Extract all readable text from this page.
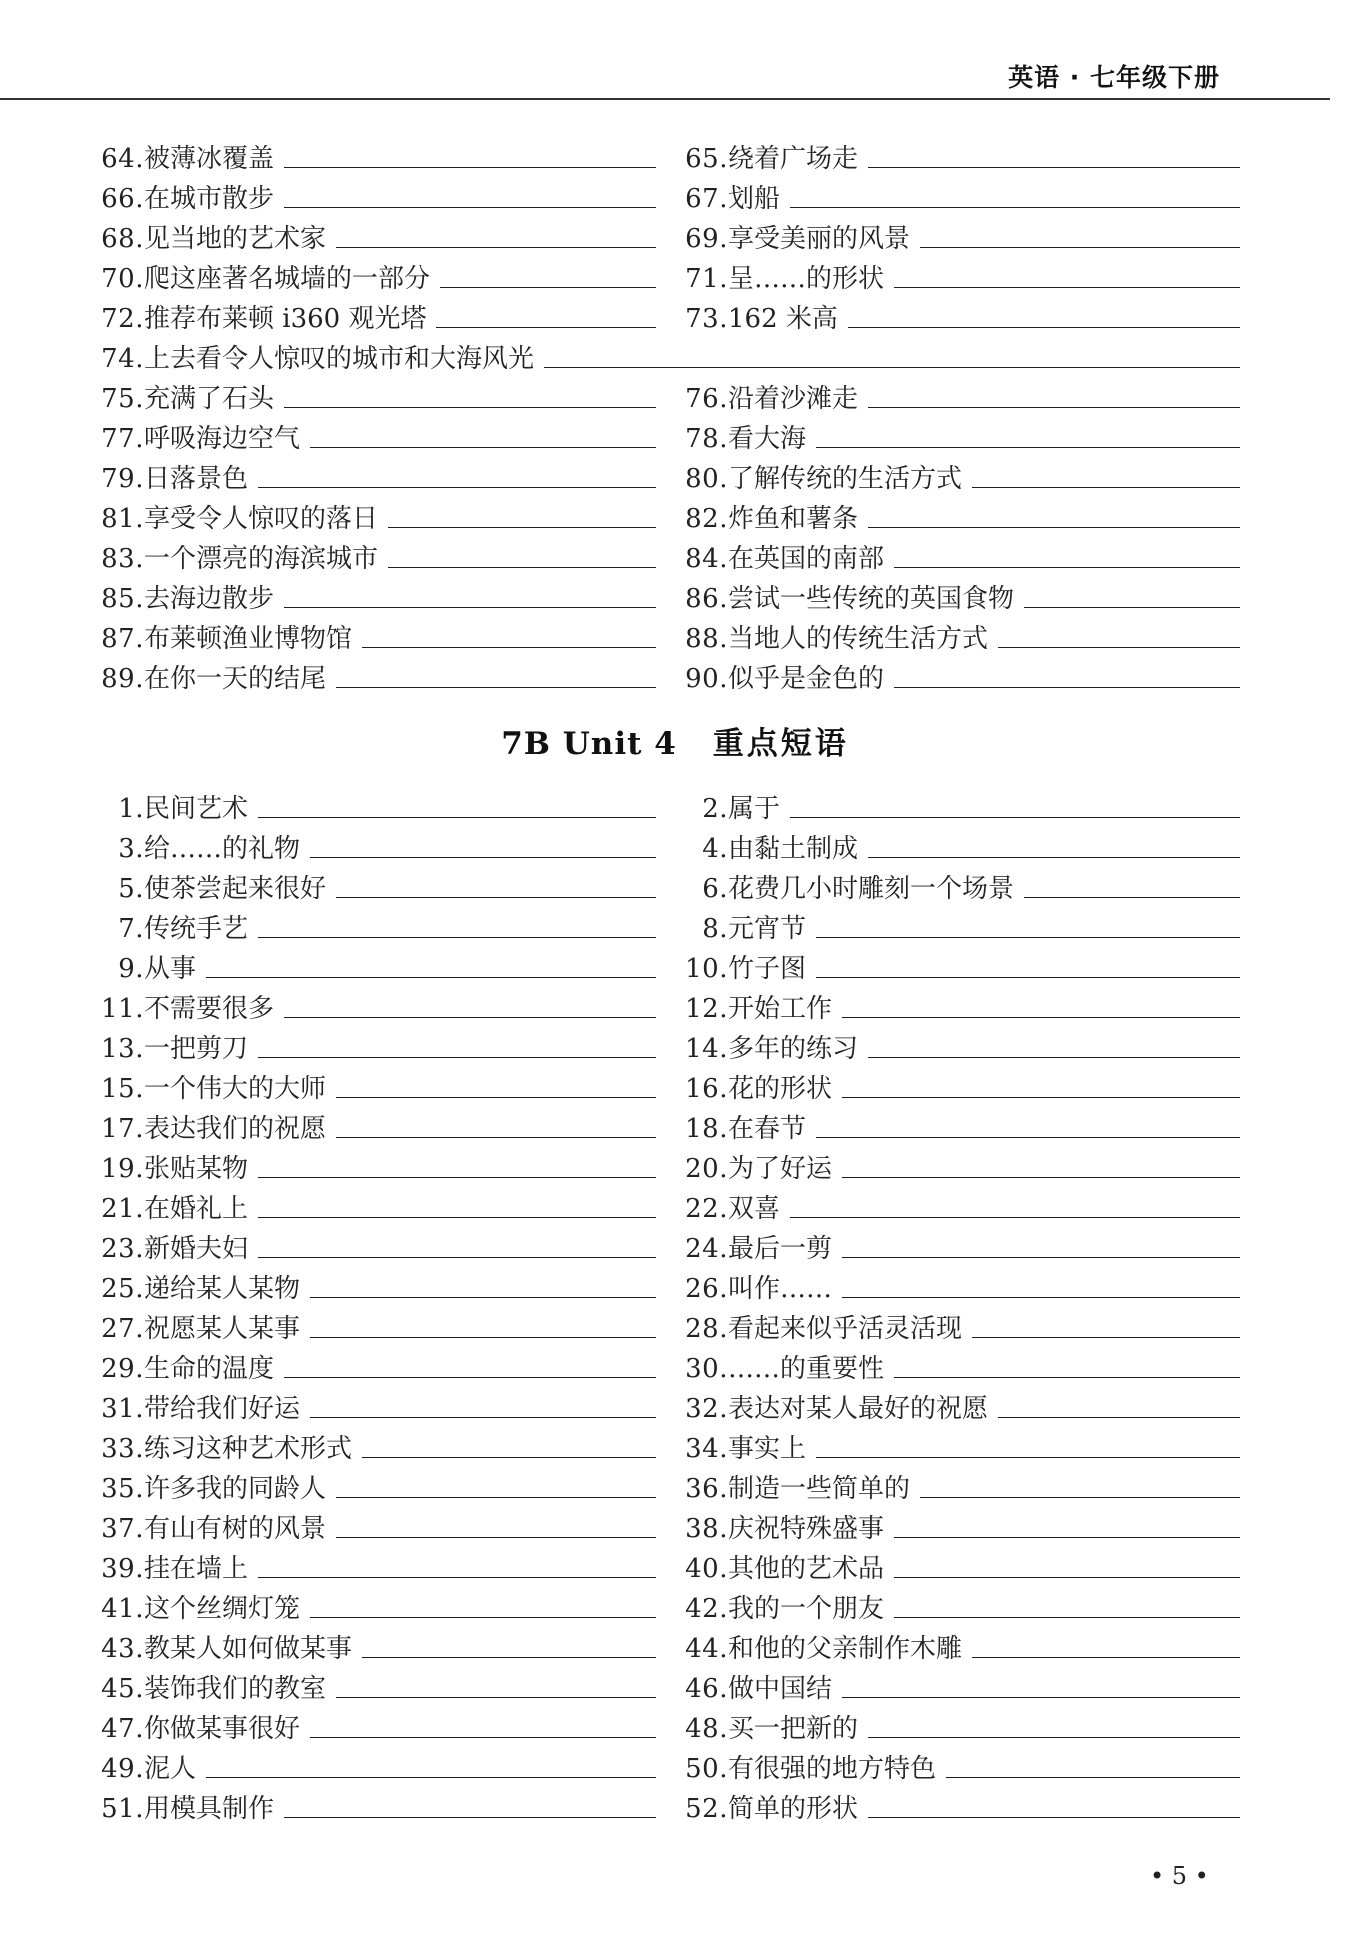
英语 · 七年级下册
64. 被薄冰覆盖
66. 在城市散步
68. 见当地的艺术家
70. 爬这座著名城墙的一部分
72. 推荐布莱顿 i360 观光塔
65. 绕着广场走
67. 划船
69. 享受美丽的风景
71. 呈……的形状
73. 162 米高
74. 上去看令人惊叹的城市和大海风光
75. 充满了石头
77. 呼吸海边空气
79. 日落景色
81. 享受令人惊叹的落日
83. 一个漂亮的海滨城市
85. 去海边散步
87. 布莱顿渔业博物馆
89. 在你一天的结尾
76. 沿着沙滩走
78. 看大海
80. 了解传统的生活方式
82. 炸鱼和薯条
84. 在英国的南部
86. 尝试一些传统的英国食物
88. 当地人的传统生活方式
90. 似乎是金色的
7B Unit 4 重点短语
1. 民间艺术
3. 给……的礼物
5. 使茶尝起来很好
7. 传统手艺
9. 从事
11. 不需要很多
13. 一把剪刀
15. 一个伟大的大师
17. 表达我们的祝愿
19. 张贴某物
21. 在婚礼上
23. 新婚夫妇
25. 递给某人某物
27. 祝愿某人某事
29. 生命的温度
31. 带给我们好运
33. 练习这种艺术形式
35. 许多我的同龄人
37. 有山有树的风景
39. 挂在墙上
41. 这个丝绸灯笼
43. 教某人如何做某事
45. 装饰我们的教室
47. 你做某事很好
49. 泥人
51. 用模具制作
2. 属于
4. 由黏土制成
6. 花费几小时雕刻一个场景
8. 元宵节
10. 竹子图
12. 开始工作
14. 多年的练习
16. 花的形状
18. 在春节
20. 为了好运
22. 双喜
24. 最后一剪
26. 叫作……
28. 看起来似乎活灵活现
30. ……的重要性
32. 表达对某人最好的祝愿
34. 事实上
36. 制造一些简单的
38. 庆祝特殊盛事
40. 其他的艺术品
42. 我的一个朋友
44. 和他的父亲制作木雕
46. 做中国结
48. 买一把新的
50. 有很强的地方特色
52. 简单的形状
• 5 •
